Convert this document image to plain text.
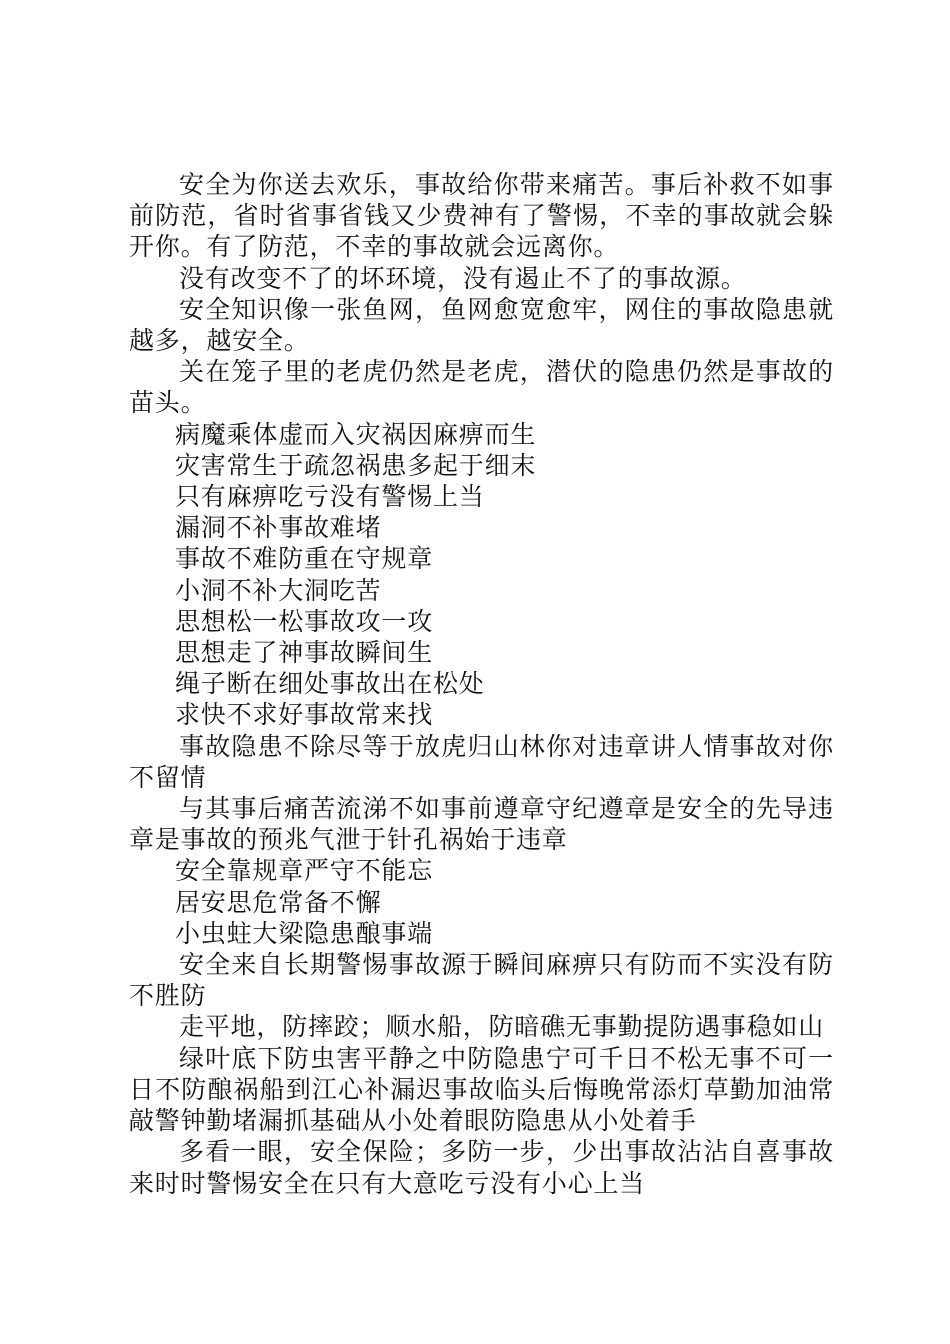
安全为你送去欢乐，事故给你带来痛苦。事后补救不如事前防范，省时省事省钱又少费神有了警惕，不幸的事故就会躲开你。有了防范，不幸的事故就会远离你。

没有改变不了的坏环境，没有遏止不了的事故源。

安全知识像一张鱼网，鱼网愈宽愈牢，网住的事故隐患就越多，越安全。

关在笼子里的老虎仍然是老虎，潜伏的隐患仍然是事故的苗头。

病魔乘体虚而入灾祸因麻痹而生

灾害常生于疏忽祸患多起于细末

只有麻痹吃亏没有警惕上当

漏洞不补事故难堵

事故不难防重在守规章

小洞不补大洞吃苦

思想松一松事故攻一攻

思想走了神事故瞬间生

绳子断在细处事故出在松处

求快不求好事故常来找

事故隐患不除尽等于放虎归山林你对违章讲人情事故对你不留情

与其事后痛苦流涕不如事前遵章守纪遵章是安全的先导违章是事故的预兆气泄于针孔祸始于违章

安全靠规章严守不能忘

居安思危常备不懈

小虫蛀大梁隐患酿事端

安全来自长期警惕事故源于瞬间麻痹只有防而不实没有防不胜防

走平地，防摔跤；顺水船，防暗礁无事勤提防遇事稳如山

绿叶底下防虫害平静之中防隐患宁可千日不松无事不可一日不防酿祸船到江心补漏迟事故临头后悔晚常添灯草勤加油常敲警钟勤堵漏抓基础从小处着眼防隐患从小处着手

多看一眼，安全保险；多防一步，少出事故沾沾自喜事故来时时警惕安全在只有大意吃亏没有小心上当
